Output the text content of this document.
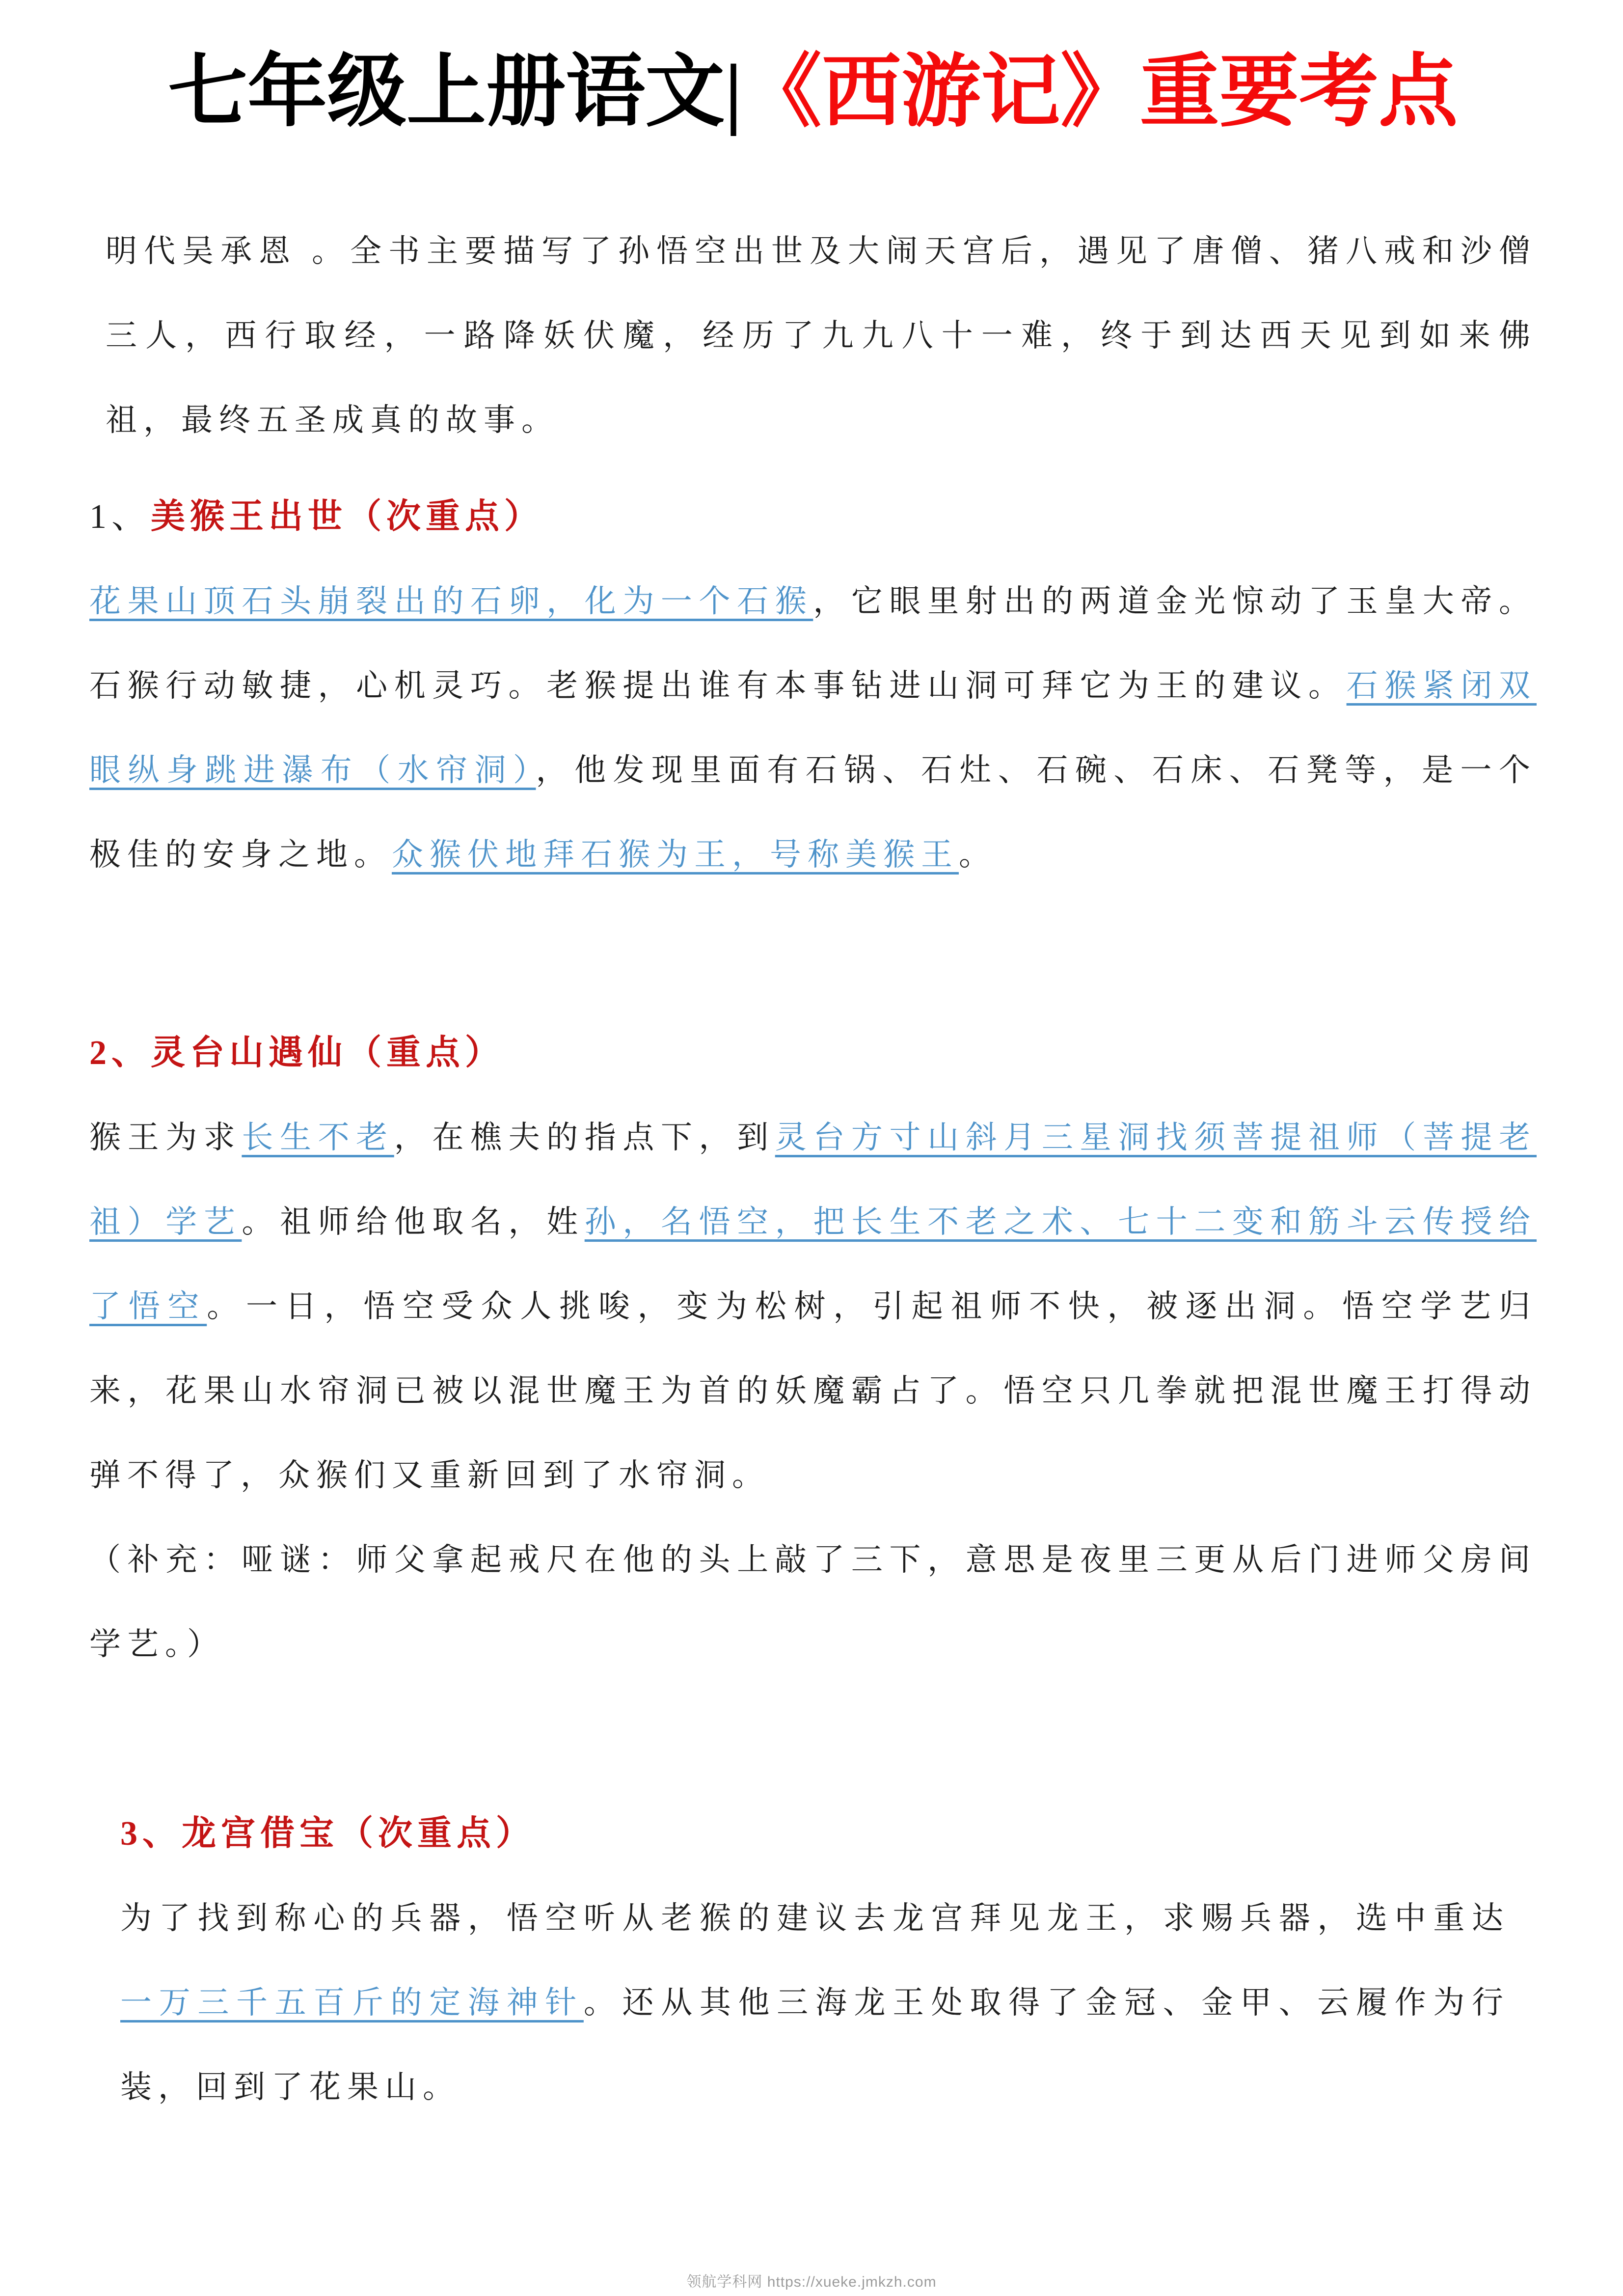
七年级上册语文|《西游记》重要考点

明代吴承恩 。全书主要描写了孙悟空出世及大闹天宫后，遇见了唐僧、猪八戒和沙僧三人，西行取经，一路降妖伏魔，经历了九九八十一难，终于到达西天见到如来佛祖，最终五圣成真的故事。

1、美猴王出世（次重点）

花果山顶石头崩裂出的石卵，化为一个石猴，它眼里射出的两道金光惊动了玉皇大帝。石猴行动敏捷，心机灵巧。老猴提出谁有本事钻进山洞可拜它为王的建议。石猴紧闭双眼纵身跳进瀑布（水帘洞），他发现里面有石锅、石灶、石碗、石床、石凳等，是一个极佳的安身之地。众猴伏地拜石猴为王，号称美猴王。

2、灵台山遇仙（重点）

猴王为求长生不老，在樵夫的指点下，到灵台方寸山斜月三星洞找须菩提祖师（菩提老祖）学艺。祖师给他取名，姓孙，名悟空，把长生不老之术、七十二变和筋斗云传授给了悟空。一日，悟空受众人挑唆，变为松树，引起祖师不快，被逐出洞。悟空学艺归来，花果山水帘洞已被以混世魔王为首的妖魔霸占了。悟空只几拳就把混世魔王打得动弹不得了，众猴们又重新回到了水帘洞。

（补充：哑谜：师父拿起戒尺在他的头上敲了三下，意思是夜里三更从后门进师父房间学艺。）

3、龙宫借宝（次重点）

为了找到称心的兵器，悟空听从老猴的建议去龙宫拜见龙王，求赐兵器，选中重达一万三千五百斤的定海神针。还从其他三海龙王处取得了金冠、金甲、云履作为行装，回到了花果山。

领航学科网 https://xueke.jmkzh.com
